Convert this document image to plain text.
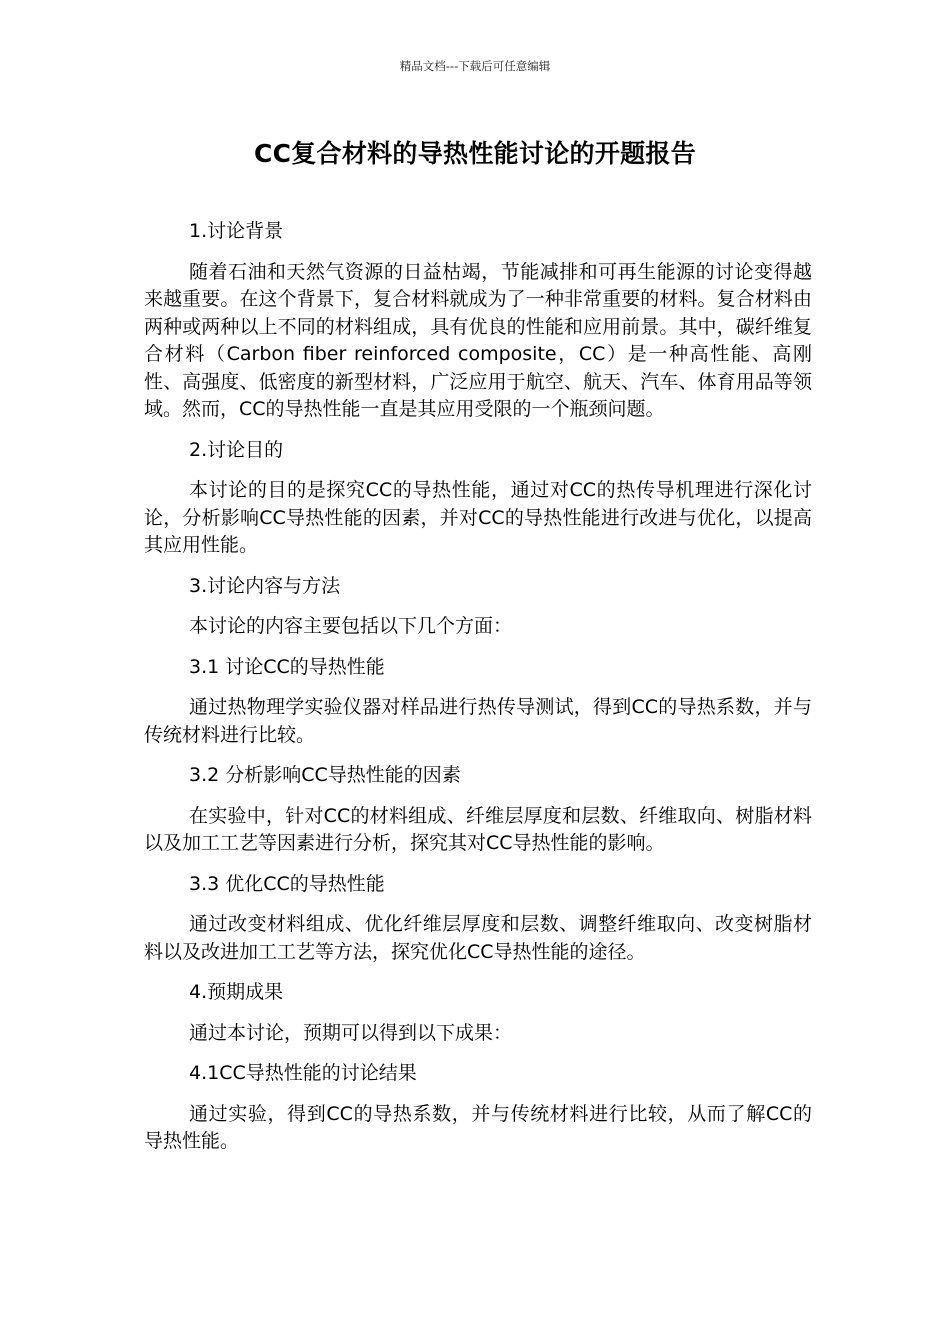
精品文档---下载后可任意编辑
CC复合材料的导热性能讨论的开题报告

1.讨论背景

随着石油和天然气资源的日益枯竭，节能减排和可再生能源的讨论变得越来越重要。在这个背景下，复合材料就成为了一种非常重要的材料。复合材料由两种或两种以上不同的材料组成，具有优良的性能和应用前景。其中，碳纤维复合材料（Carbon fiber reinforced composite，CC）是一种高性能、高刚性、高强度、低密度的新型材料，广泛应用于航空、航天、汽车、体育用品等领域。然而，CC的导热性能一直是其应用受限的一个瓶颈问题。

2.讨论目的

本讨论的目的是探究CC的导热性能，通过对CC的热传导机理进行深化讨论，分析影响CC导热性能的因素，并对CC的导热性能进行改进与优化，以提高其应用性能。

3.讨论内容与方法

本讨论的内容主要包括以下几个方面：

3.1 讨论CC的导热性能

通过热物理学实验仪器对样品进行热传导测试，得到CC的导热系数，并与传统材料进行比较。

3.2 分析影响CC导热性能的因素

在实验中，针对CC的材料组成、纤维层厚度和层数、纤维取向、树脂材料以及加工工艺等因素进行分析，探究其对CC导热性能的影响。

3.3 优化CC的导热性能

通过改变材料组成、优化纤维层厚度和层数、调整纤维取向、改变树脂材料以及改进加工工艺等方法，探究优化CC导热性能的途径。

4.预期成果

通过本讨论，预期可以得到以下成果：

4.1CC导热性能的讨论结果

通过实验，得到CC的导热系数，并与传统材料进行比较，从而了解CC的导热性能。
